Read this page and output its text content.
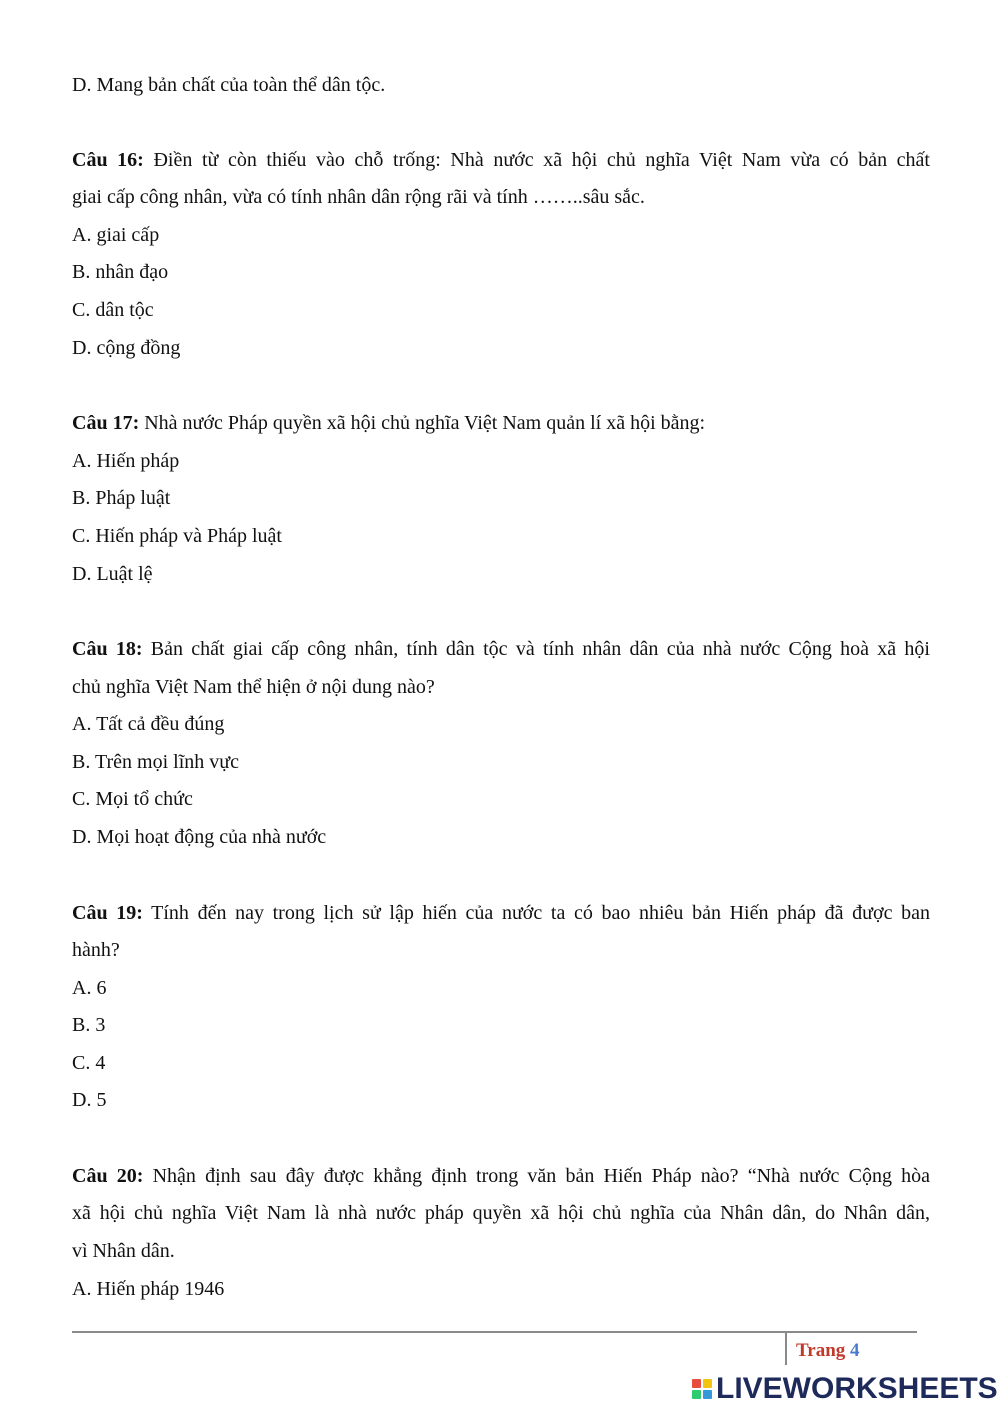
D. Mang bản chất của toàn thể dân tộc.
Câu 16: Điền từ còn thiếu vào chỗ trống: Nhà nước xã hội chủ nghĩa Việt Nam vừa có bản chất
giai cấp công nhân, vừa có tính nhân dân rộng rãi và tính ……..sâu sắc.
A. giai cấp
B. nhân đạo
C. dân tộc
D. cộng đồng
Câu 17: Nhà nước Pháp quyền xã hội chủ nghĩa Việt Nam quản lí xã hội bằng:
A. Hiến pháp
B. Pháp luật
C. Hiến pháp và Pháp luật
D. Luật lệ
Câu 18: Bản chất giai cấp công nhân, tính dân tộc và tính nhân dân của nhà nước Cộng hoà xã hội
chủ nghĩa Việt Nam thể hiện ở nội dung nào?
A. Tất cả đều đúng
B. Trên mọi lĩnh vực
C. Mọi tổ chức
D. Mọi hoạt động của nhà nước
Câu 19: Tính đến nay trong lịch sử lập hiến của nước ta có bao nhiêu bản Hiến pháp đã được ban
hành?
A. 6
B. 3
C. 4
D. 5
Câu 20: Nhận định sau đây được khẳng định trong văn bản Hiến Pháp nào? “Nhà nước Cộng hòa
xã hội chủ nghĩa Việt Nam là nhà nước pháp quyền xã hội chủ nghĩa của Nhân dân, do Nhân dân,
vì Nhân dân.
A. Hiến pháp 1946
Trang 4
LIVEWORKSHEETS
